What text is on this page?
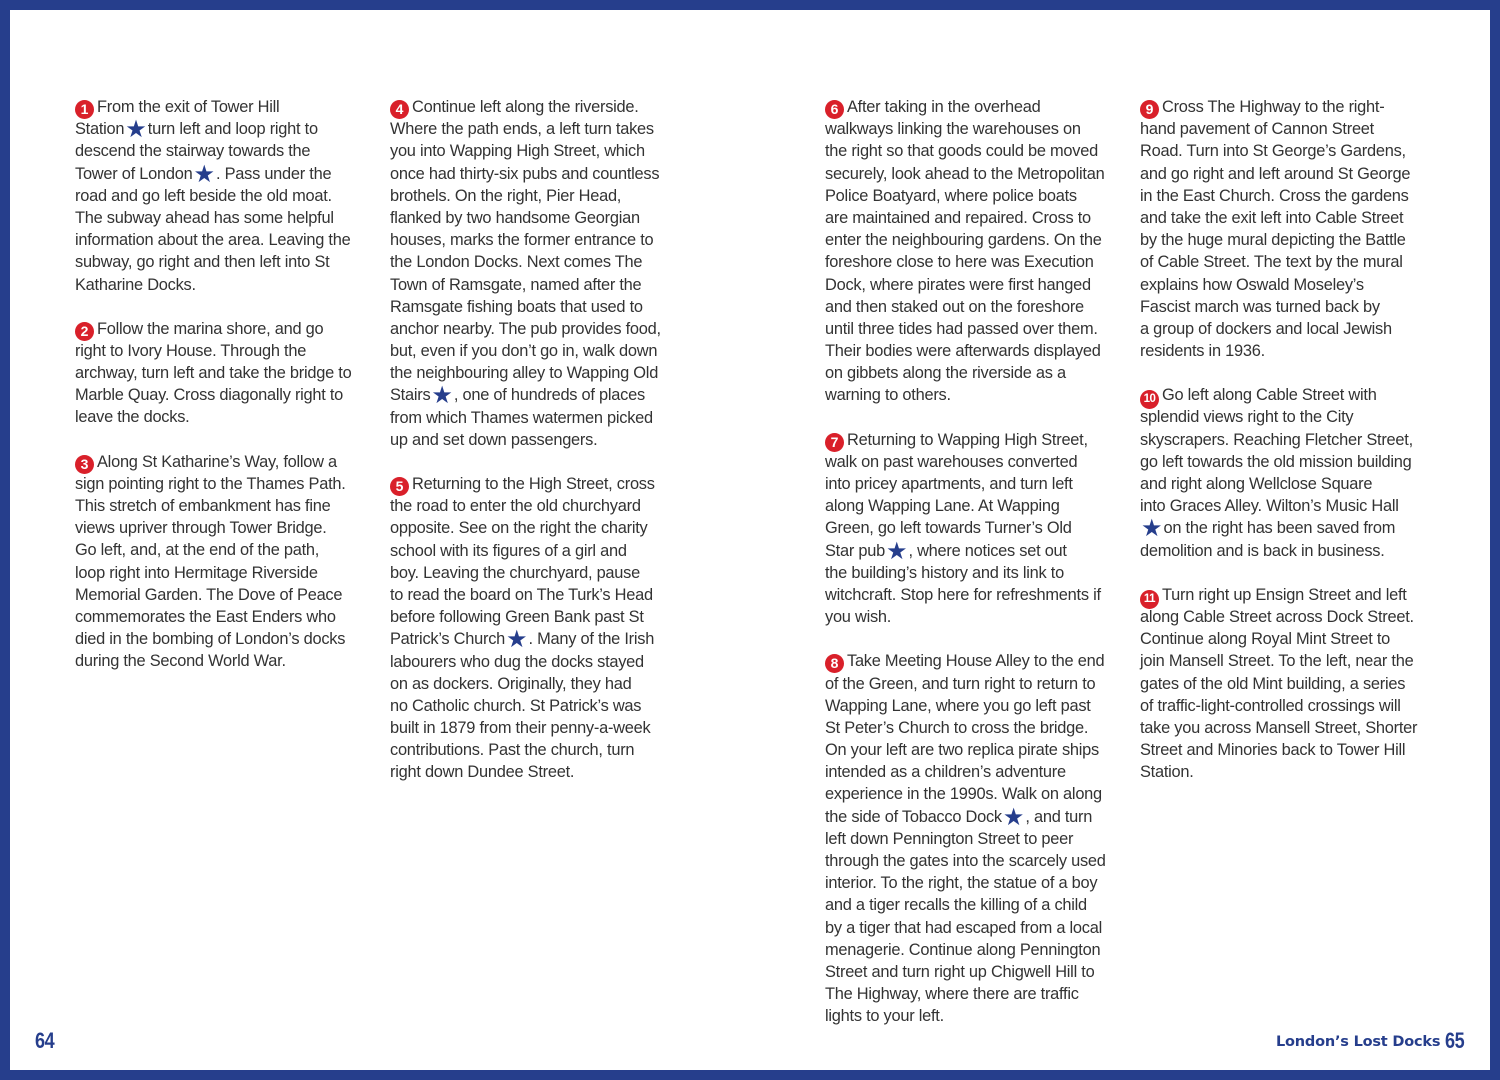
1 From the exit of Tower Hill
Station★turn left and loop right to
descend the stairway towards the
Tower of London★. Pass under the
road and go left beside the old moat.
The subway ahead has some helpful
information about the area. Leaving the
subway, go right and then left into St
Katharine Docks.
2 Follow the marina shore, and go
right to Ivory House. Through the
archway, turn left and take the bridge to
Marble Quay. Cross diagonally right to
leave the docks.
3 Along St Katharine’s Way, follow a
sign pointing right to the Thames Path.
This stretch of embankment has fine
views upriver through Tower Bridge.
Go left, and, at the end of the path,
loop right into Hermitage Riverside
Memorial Garden. The Dove of Peace
commemorates the East Enders who
died in the bombing of London’s docks
during the Second World War.
4 Continue left along the riverside.
Where the path ends, a left turn takes
you into Wapping High Street, which
once had thirty-six pubs and countless
brothels. On the right, Pier Head,
flanked by two handsome Georgian
houses, marks the former entrance to
the London Docks. Next comes The
Town of Ramsgate, named after the
Ramsgate fishing boats that used to
anchor nearby. The pub provides food,
but, even if you don’t go in, walk down
the neighbouring alley to Wapping Old
Stairs★, one of hundreds of places
from which Thames watermen picked
up and set down passengers.
5 Returning to the High Street, cross
the road to enter the old churchyard
opposite. See on the right the charity
school with its figures of a girl and
boy. Leaving the churchyard, pause
to read the board on The Turk’s Head
before following Green Bank past St
Patrick’s Church★. Many of the Irish
labourers who dug the docks stayed
on as dockers. Originally, they had
no Catholic church. St Patrick’s was
built in 1879 from their penny-a-week
contributions. Past the church, turn
right down Dundee Street.
6 After taking in the overhead
walkways linking the warehouses on
the right so that goods could be moved
securely, look ahead to the Metropolitan
Police Boatyard, where police boats
are maintained and repaired. Cross to
enter the neighbouring gardens. On the
foreshore close to here was Execution
Dock, where pirates were first hanged
and then staked out on the foreshore
until three tides had passed over them.
Their bodies were afterwards displayed
on gibbets along the riverside as a
warning to others.
7 Returning to Wapping High Street,
walk on past warehouses converted
into pricey apartments, and turn left
along Wapping Lane. At Wapping
Green, go left towards Turner’s Old
Star pub★, where notices set out
the building’s history and its link to
witchcraft. Stop here for refreshments if
you wish.
8 Take Meeting House Alley to the end
of the Green, and turn right to return to
Wapping Lane, where you go left past
St Peter’s Church to cross the bridge.
On your left are two replica pirate ships
intended as a children’s adventure
experience in the 1990s. Walk on along
the side of Tobacco Dock★, and turn
left down Pennington Street to peer
through the gates into the scarcely used
interior. To the right, the statue of a boy
and a tiger recalls the killing of a child
by a tiger that had escaped from a local
menagerie. Continue along Pennington
Street and turn right up Chigwell Hill to
The Highway, where there are traffic
lights to your left.
9 Cross The Highway to the right-
hand pavement of Cannon Street
Road. Turn into St George’s Gardens,
and go right and left around St George
in the East Church. Cross the gardens
and take the exit left into Cable Street
by the huge mural depicting the Battle
of Cable Street. The text by the mural
explains how Oswald Moseley’s
Fascist march was turned back by
a group of dockers and local Jewish
residents in 1936.
10 Go left along Cable Street with
splendid views right to the City
skyscrapers. Reaching Fletcher Street,
go left towards the old mission building
and right along Wellclose Square
into Graces Alley. Wilton’s Music Hall
★on the right has been saved from
demolition and is back in business.
11 Turn right up Ensign Street and left
along Cable Street across Dock Street.
Continue along Royal Mint Street to
join Mansell Street. To the left, near the
gates of the old Mint building, a series
of traffic-light-controlled crossings will
take you across Mansell Street, Shorter
Street and Minories back to Tower Hill
Station.
64	London’s Lost Docks 65
